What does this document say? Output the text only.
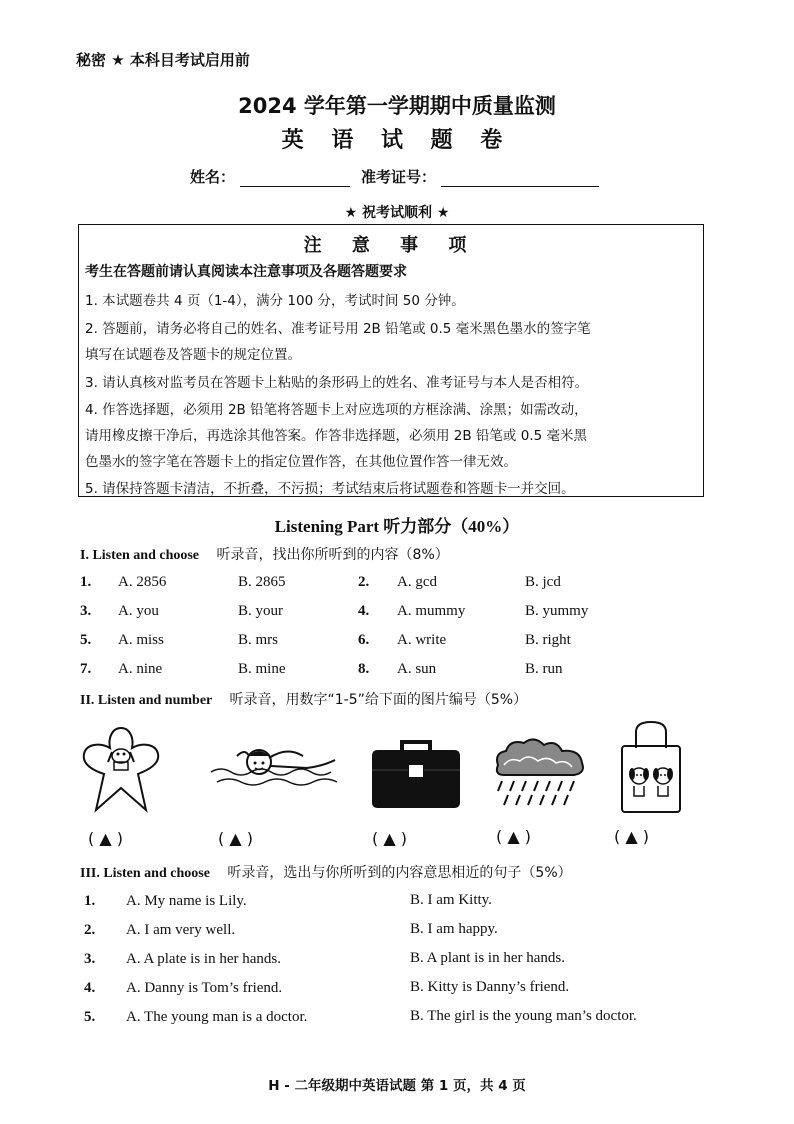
秘密 ★ 本科目考试启用前
2024 学年第一学期期中质量监测
英 语 试 题 卷
姓名：	准考证号：
★ 祝考试顺利 ★
注 意 事 项
考生在答题前请认真阅读本注意事项及各题答题要求
1. 本试题卷共 4 页（1-4），满分 100 分，考试时间 50 分钟。
2. 答题前，请务必将自己的姓名、准考证号用 2B 铅笔或 0.5 毫米黑色墨水的签字笔
填写在试题卷及答题卡的规定位置。
3. 请认真核对监考员在答题卡上粘贴的条形码上的姓名、准考证号与本人是否相符。
4. 作答选择题，必须用 2B 铅笔将答题卡上对应选项的方框涂满、涂黑；如需改动，
请用橡皮擦干净后，再选涂其他答案。作答非选择题，必须用 2B 铅笔或 0.5 毫米黑
色墨水的签字笔在答题卡上的指定位置作答，在其他位置作答一律无效。
5. 请保持答题卡清洁，不折叠，不污损；考试结束后将试题卷和答题卡一并交回。
Listening Part 听力部分（40%）
I. Listen and choose 听录音，找出你所听到的内容（8%）
1. A. 2856	B. 2865	2. A. gcd	B. jcd
3. A. you	B. your	4. A. mummy	B. yummy
5. A. miss	B. mrs	6. A. write	B. right
7. A. nine	B. mine	8. A. sun	B. run
II. Listen and number 听录音，用数字“1-5”给下面的图片编号（5%）
( ▲ )	( ▲ )	( ▲ )	( ▲ )	( ▲ )
III. Listen and choose 听录音，选出与你所听到的内容意思相近的句子（5%）
1. A. My name is Lily.	B. I am Kitty.
2. A. I am very well.	B. I am happy.
3. A. A plate is in her hands.	B. A plant is in her hands.
4. A. Danny is Tom’s friend.	B. Kitty is Danny’s friend.
5. A. The young man is a doctor.	B. The girl is the young man’s doctor.
H - 二年级期中英语试题 第 1 页，共 4 页
